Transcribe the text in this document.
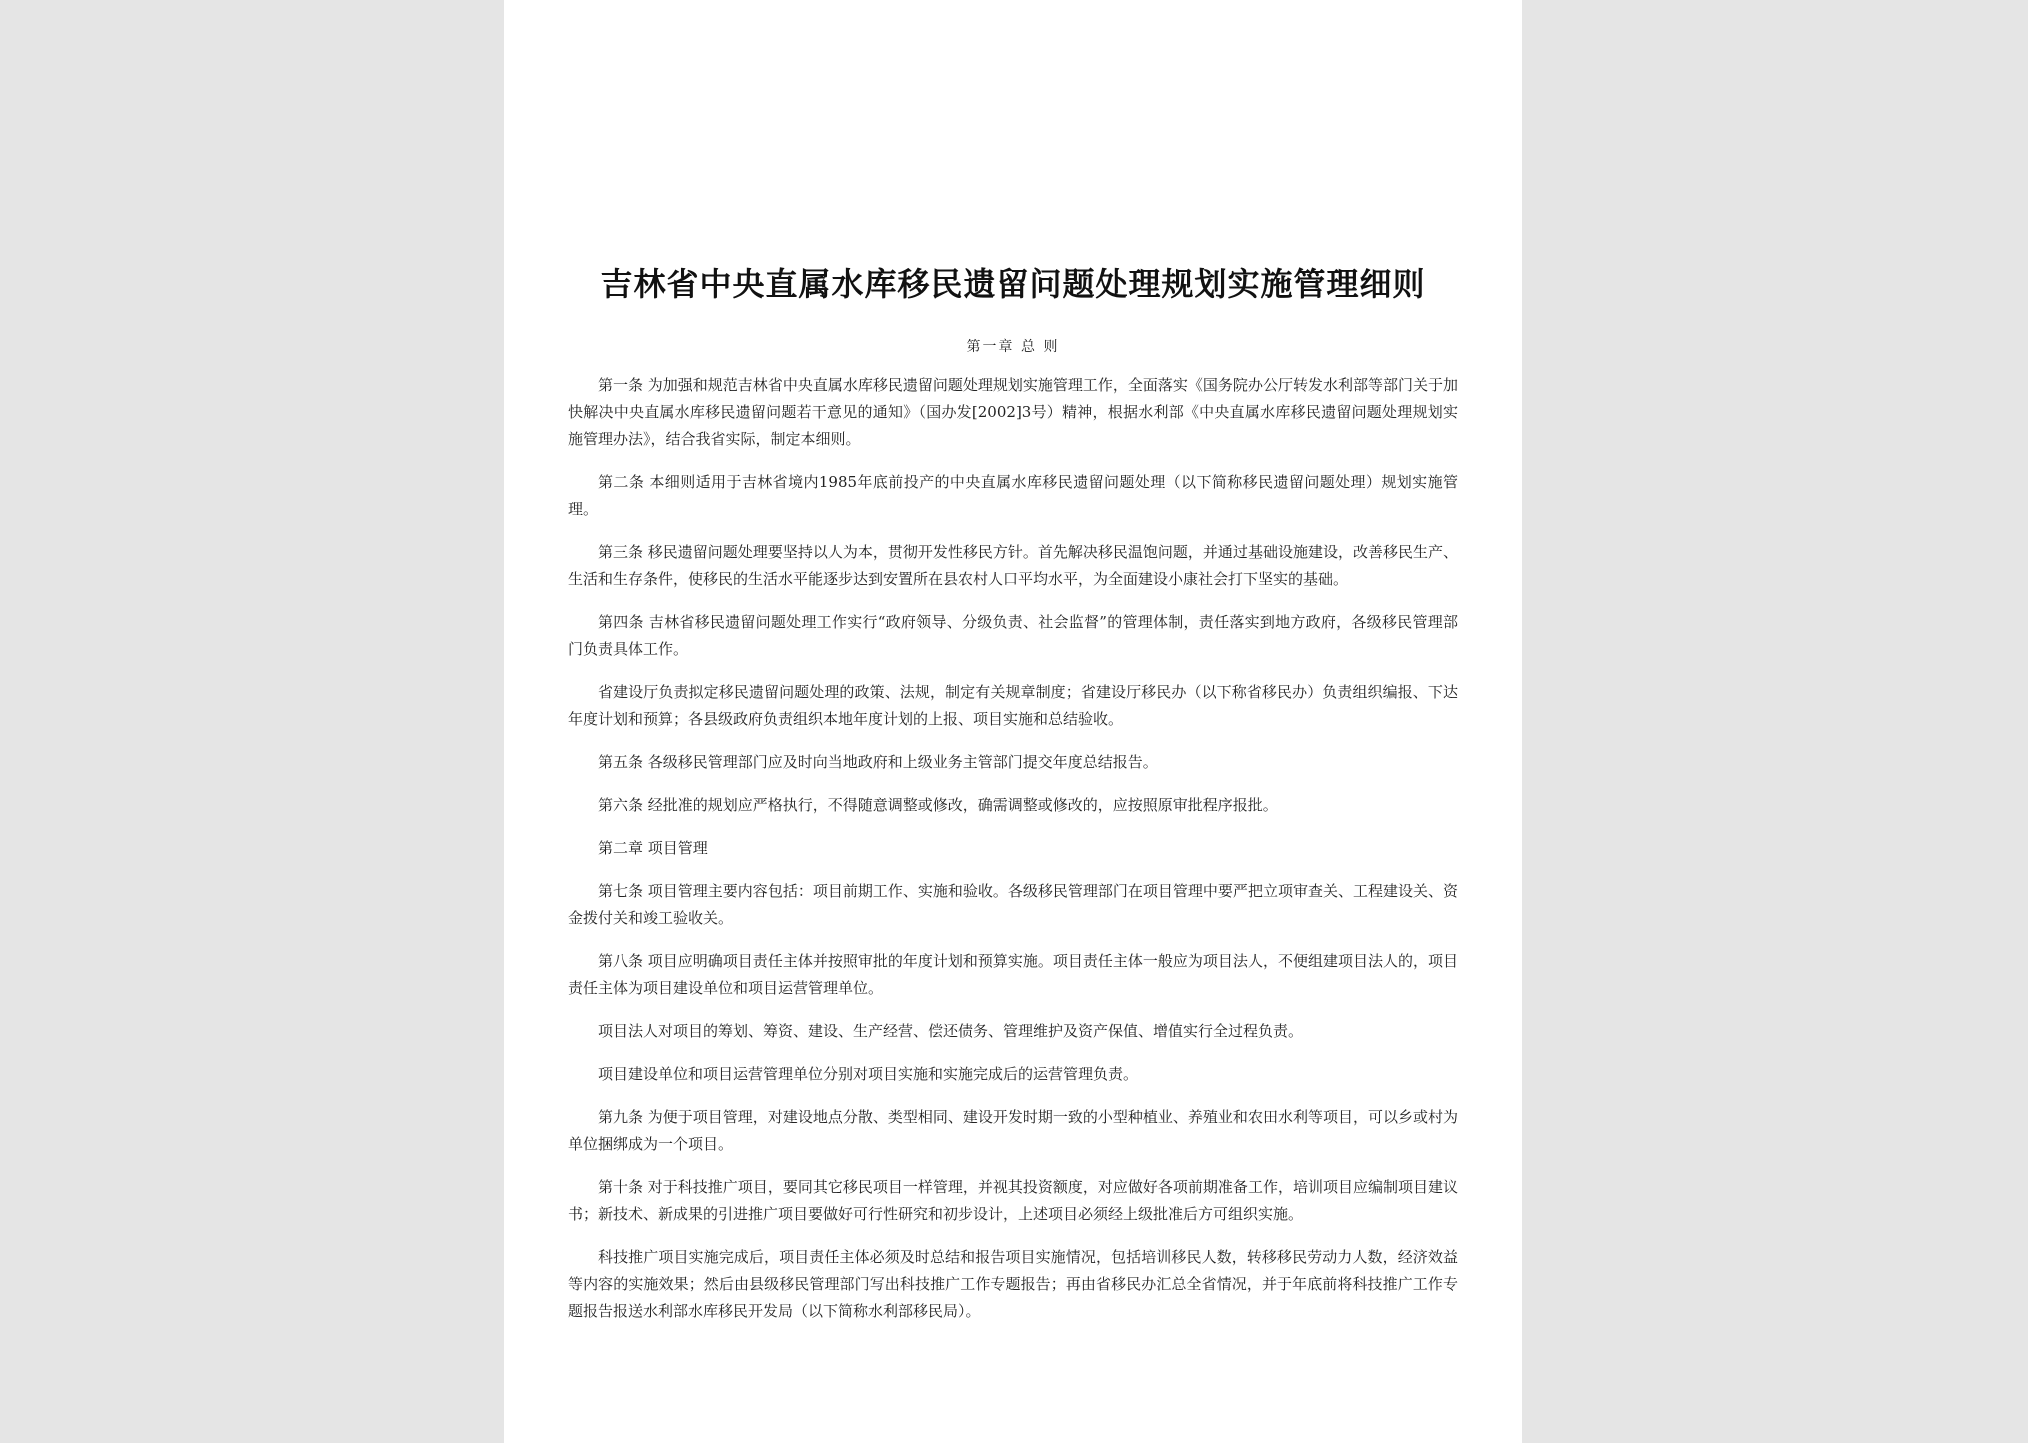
吉林省中央直属水库移民遗留问题处理规划实施管理细则
第一章 总 则

第一条 为加强和规范吉林省中央直属水库移民遗留问题处理规划实施管理工作，全面落实《国务院办公厅转发水利部等部门关于加快解决中央直属水库移民遗留问题若干意见的通知》（国办发[2002]3号）精神，根据水利部《中央直属水库移民遗留问题处理规划实施管理办法》，结合我省实际，制定本细则。

第二条 本细则适用于吉林省境内1985年底前投产的中央直属水库移民遗留问题处理（以下简称移民遗留问题处理）规划实施管理。

第三条 移民遗留问题处理要坚持以人为本，贯彻开发性移民方针。首先解决移民温饱问题，并通过基础设施建设，改善移民生产、生活和生存条件，使移民的生活水平能逐步达到安置所在县农村人口平均水平，为全面建设小康社会打下坚实的基础。

第四条 吉林省移民遗留问题处理工作实行“政府领导、分级负责、社会监督”的管理体制，责任落实到地方政府，各级移民管理部门负责具体工作。

省建设厅负责拟定移民遗留问题处理的政策、法规，制定有关规章制度；省建设厅移民办（以下称省移民办）负责组织编报、下达年度计划和预算；各县级政府负责组织本地年度计划的上报、项目实施和总结验收。

第五条 各级移民管理部门应及时向当地政府和上级业务主管部门提交年度总结报告。

第六条 经批准的规划应严格执行，不得随意调整或修改，确需调整或修改的，应按照原审批程序报批。

第二章 项目管理

第七条 项目管理主要内容包括：项目前期工作、实施和验收。各级移民管理部门在项目管理中要严把立项审查关、工程建设关、资金拨付关和竣工验收关。

第八条 项目应明确项目责任主体并按照审批的年度计划和预算实施。项目责任主体一般应为项目法人，不便组建项目法人的，项目责任主体为项目建设单位和项目运营管理单位。

项目法人对项目的筹划、筹资、建设、生产经营、偿还债务、管理维护及资产保值、增值实行全过程负责。

项目建设单位和项目运营管理单位分别对项目实施和实施完成后的运营管理负责。

第九条 为便于项目管理，对建设地点分散、类型相同、建设开发时期一致的小型种植业、养殖业和农田水利等项目，可以乡或村为单位捆绑成为一个项目。

第十条 对于科技推广项目，要同其它移民项目一样管理，并视其投资额度，对应做好各项前期准备工作，培训项目应编制项目建议书；新技术、新成果的引进推广项目要做好可行性研究和初步设计，上述项目必须经上级批准后方可组织实施。

科技推广项目实施完成后，项目责任主体必须及时总结和报告项目实施情况，包括培训移民人数，转移移民劳动力人数，经济效益等内容的实施效果；然后由县级移民管理部门写出科技推广工作专题报告；再由省移民办汇总全省情况，并于年底前将科技推广工作专题报告报送水利部水库移民开发局（以下简称水利部移民局）。
